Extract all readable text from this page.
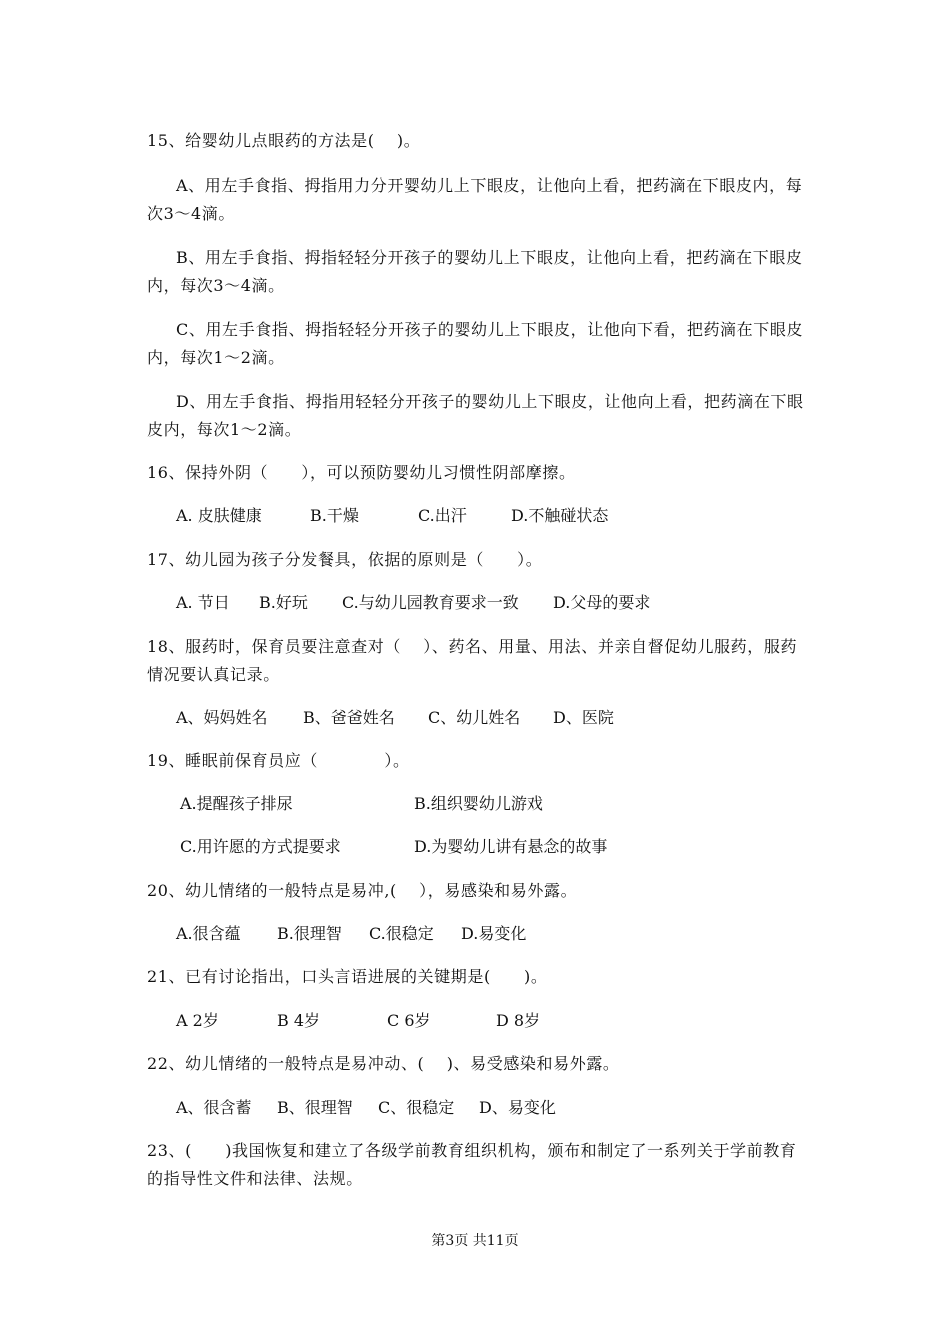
15、给婴幼儿点眼药的方法是(　 )。
A、用左手食指、拇指用力分开婴幼儿上下眼皮，让他向上看，把药滴在下眼皮内，每
次3～4滴。
B、用左手食指、拇指轻轻分开孩子的婴幼儿上下眼皮，让他向上看，把药滴在下眼皮
内，每次3～4滴。
C、用左手食指、拇指轻轻分开孩子的婴幼儿上下眼皮，让他向下看，把药滴在下眼皮
内，每次1～2滴。
D、用左手食指、拇指用轻轻分开孩子的婴幼儿上下眼皮，让他向上看，把药滴在下眼
皮内，每次1～2滴。
16、保持外阴（　　），可以预防婴幼儿习惯性阴部摩擦。
A. 皮肤健康	B.干燥	C.出汗	D.不触碰状态
17、幼儿园为孩子分发餐具，依据的原则是（　　）。
A. 节日 B.好玩 C.与幼儿园教育要求一致 D.父母的要求
18、服药时，保育员要注意查对（　 ）、药名、用量、用法、并亲自督促幼儿服药，服药
情况要认真记录。
A、妈妈姓名 B、爸爸姓名 C、幼儿姓名 D、医院
19、睡眠前保育员应（　　　　）。
A.提醒孩子排尿	B.组织婴幼儿游戏
C.用许愿的方式提要求	D.为婴幼儿讲有悬念的故事
20、幼儿情绪的一般特点是易冲,(　 ），易感染和易外露。
A.很含蕴 B.很理智 C.很稳定 D.易变化
21、已有讨论指出，口头言语进展的关键期是(　　)。
A 2岁	B 4岁	C 6岁	D 8岁
22、幼儿情绪的一般特点是易冲动、(　 )、易受感染和易外露。
A、很含蓄 B、很理智 C、很稳定 D、易变化
23、(　　)我国恢复和建立了各级学前教育组织机构，颁布和制定了一系列关于学前教育
的指导性文件和法律、法规。
第3页 共11页
